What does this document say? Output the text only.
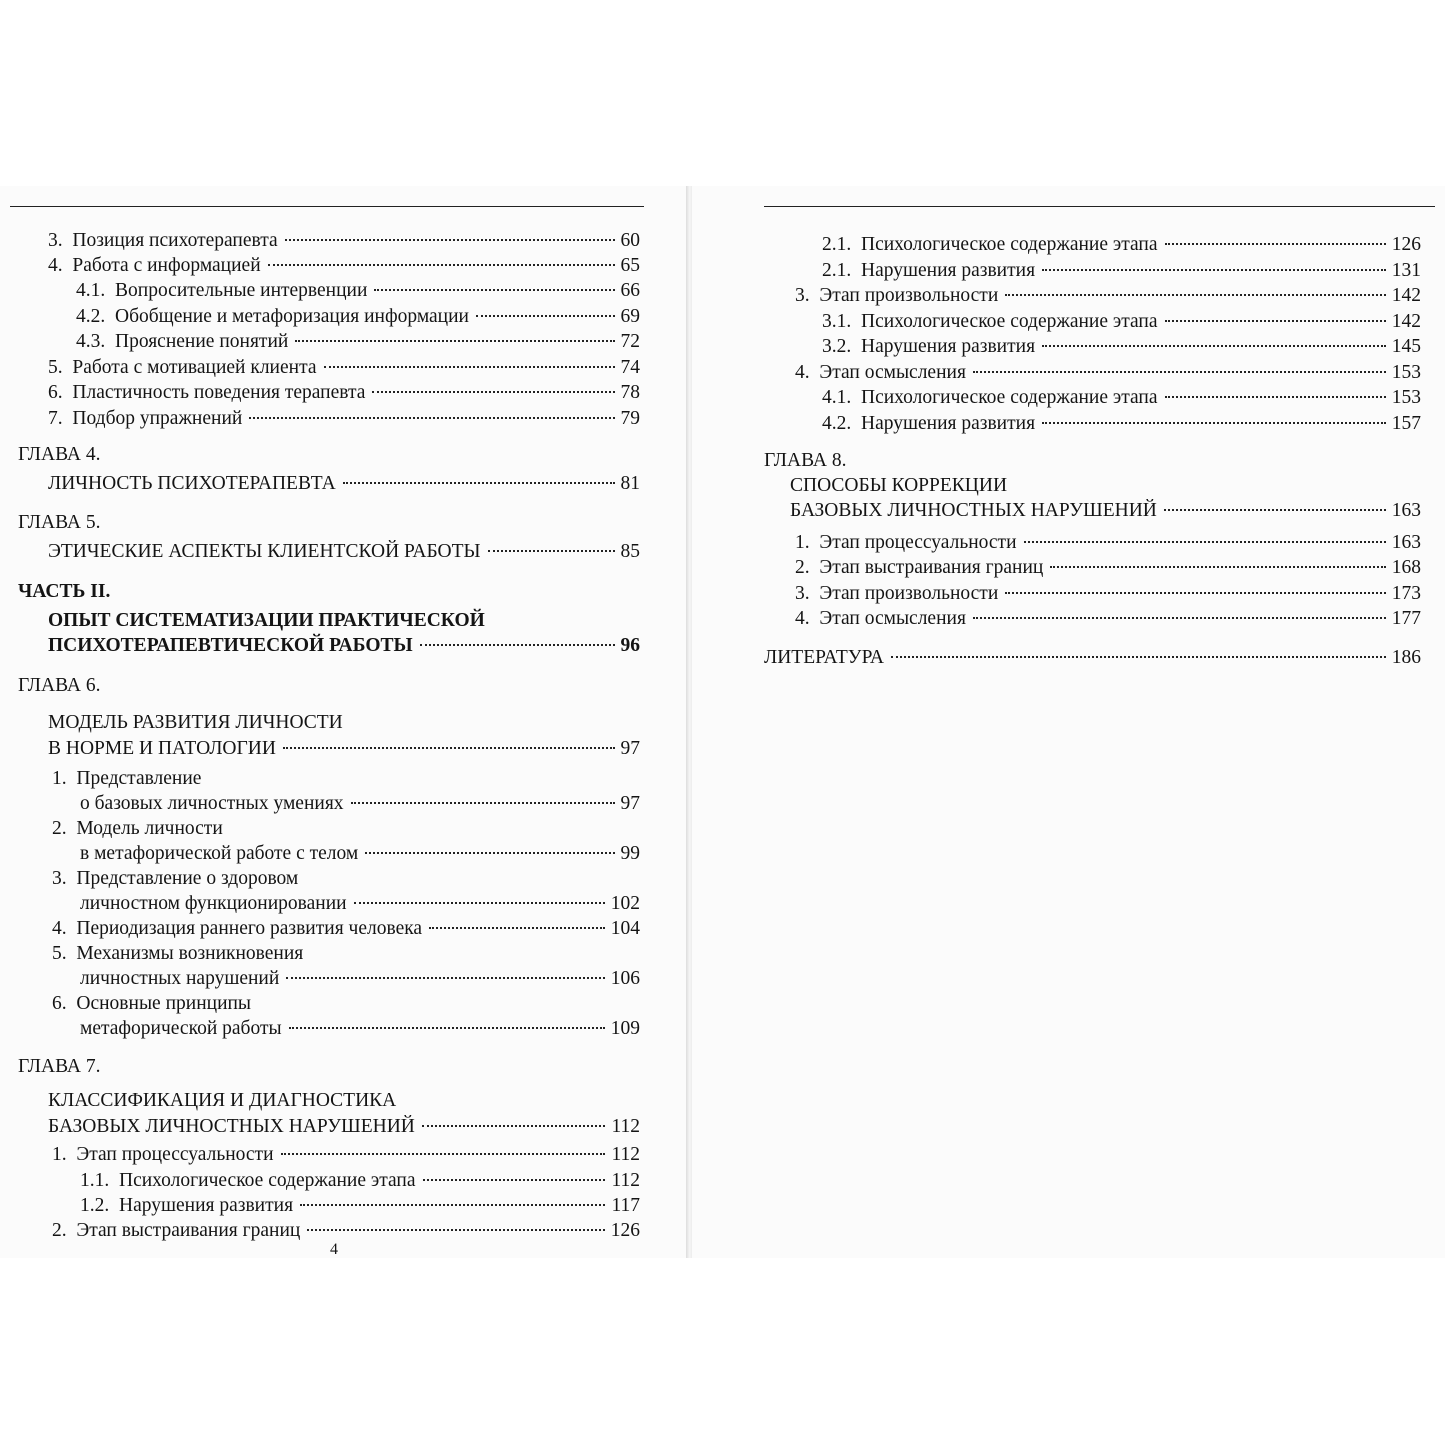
3. Позиция психотерапевта	60
4. Работа с информацией	65
4.1. Вопросительные интервенции	66
4.2. Обобщение и метафоризация информации	69
4.3. Прояснение понятий	72
5. Работа с мотивацией клиента	74
6. Пластичность поведения терапевта	78
7. Подбор упражнений	79
ГЛАВА 4.
ЛИЧНОСТЬ ПСИХОТЕРАПЕВТА	81
ГЛАВА 5.
ЭТИЧЕСКИЕ АСПЕКТЫ КЛИЕНТСКОЙ РАБОТЫ	85
ЧАСТЬ II.
ОПЫТ СИСТЕМАТИЗАЦИИ ПРАКТИЧЕСКОЙ
ПСИХОТЕРАПЕВТИЧЕСКОЙ РАБОТЫ	96
ГЛАВА 6.
МОДЕЛЬ РАЗВИТИЯ ЛИЧНОСТИ
В НОРМЕ И ПАТОЛОГИИ	97
1. Представление
о базовых личностных умениях	97
2. Модель личности
в метафорической работе с телом	99
3. Представление о здоровом
личностном функционировании	102
4. Периодизация раннего развития человека	104
5. Механизмы возникновения
личностных нарушений	106
6. Основные принципы
метафорической работы	109
ГЛАВА 7.
КЛАССИФИКАЦИЯ И ДИАГНОСТИКА
БАЗОВЫХ ЛИЧНОСТНЫХ НАРУШЕНИЙ	112
1. Этап процессуальности	112
1.1. Психологическое содержание этапа	112
1.2. Нарушения развития	117
2. Этап выстраивания границ	126
4
2.1. Психологическое содержание этапа	126
2.1. Нарушения развития	131
3. Этап произвольности	142
3.1. Психологическое содержание этапа	142
3.2. Нарушения развития	145
4. Этап осмысления	153
4.1. Психологическое содержание этапа	153
4.2. Нарушения развития	157
ГЛАВА 8.
СПОСОБЫ КОРРЕКЦИИ
БАЗОВЫХ ЛИЧНОСТНЫХ НАРУШЕНИЙ	163
1. Этап процессуальности	163
2. Этап выстраивания границ	168
3. Этап произвольности	173
4. Этап осмысления	177
ЛИТЕРАТУРА	186
